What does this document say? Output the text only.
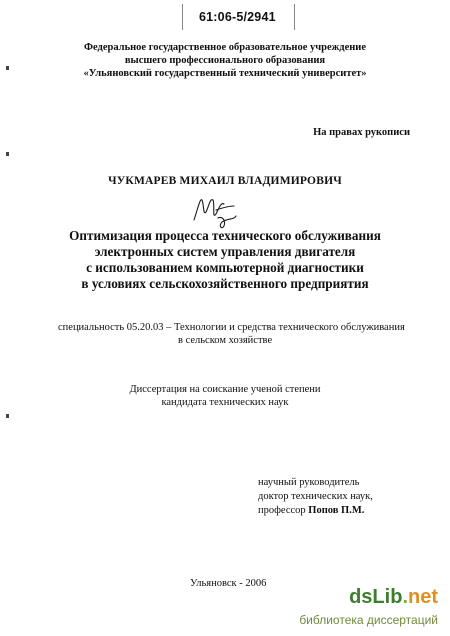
61:06-5/2941
Федеральное государственное образовательное учреждение
высшего профессионального образования
«Ульяновский государственный технический университет»
На правах рукописи
ЧУКМАРЕВ МИХАИЛ ВЛАДИМИРОВИЧ
Оптимизация процесса технического обслуживания
электронных систем управления двигателя
с использованием компьютерной диагностики
в условиях сельскохозяйственного предприятия
специальность 05.20.03 – Технологии и средства технического обслуживания
в сельском хозяйстве
Диссертация на соискание ученой степени
кандидата технических наук
научный руководитель
доктор технических наук,
профессор Попов П.М.
Ульяновск - 2006
dsLib.net
библиотека диссертаций
